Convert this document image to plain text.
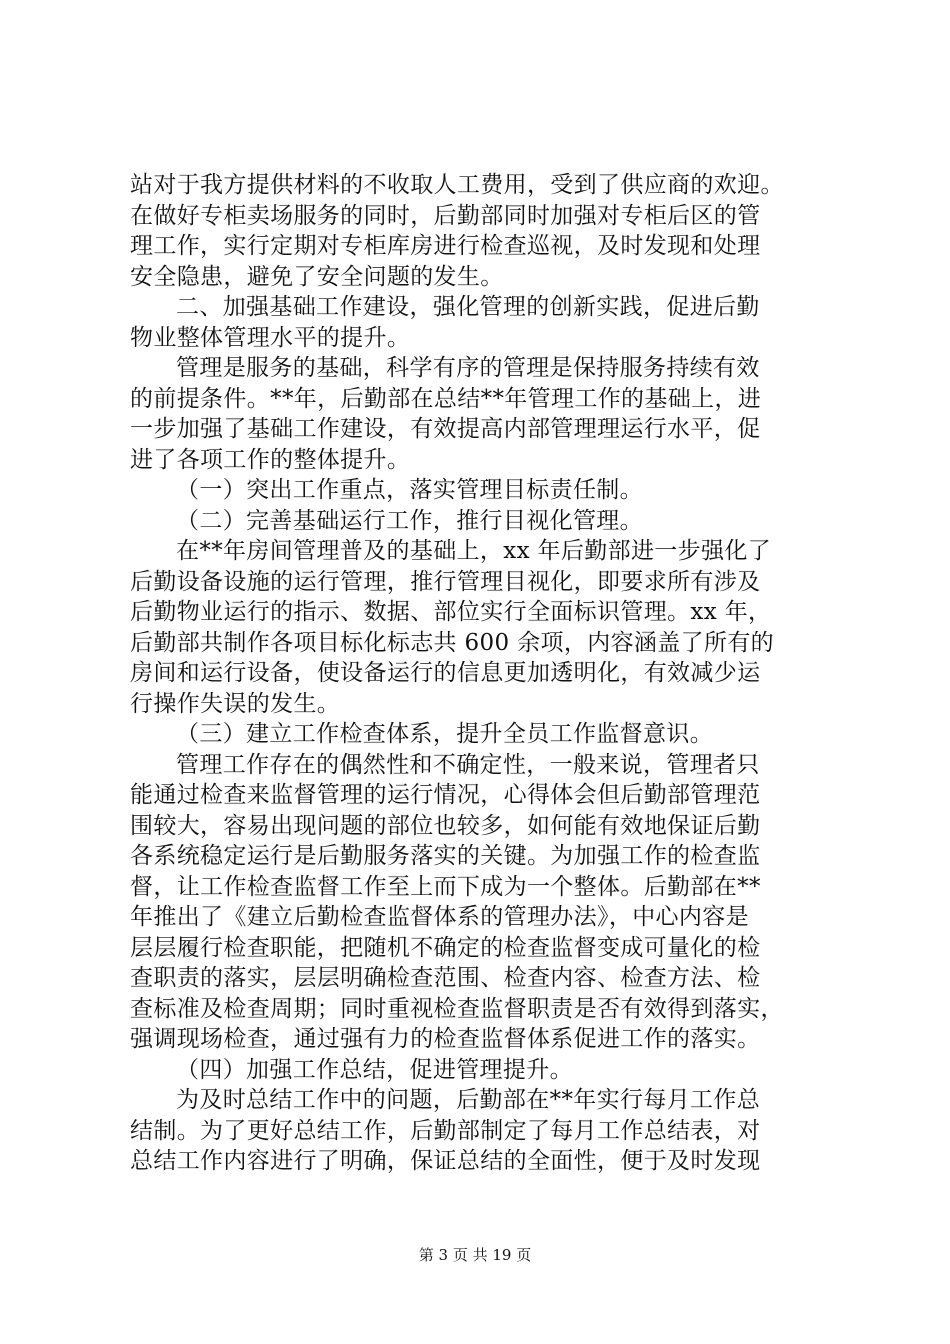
站对于我方提供材料的不收取人工费用，受到了供应商的欢迎。
在做好专柜卖场服务的同时，后勤部同时加强对专柜后区的管
理工作，实行定期对专柜库房进行检查巡视，及时发现和处理
安全隐患，避免了安全问题的发生。
二、加强基础工作建设，强化管理的创新实践，促进后勤
物业整体管理水平的提升。
管理是服务的基础，科学有序的管理是保持服务持续有效
的前提条件。**年，后勤部在总结**年管理工作的基础上，进
一步加强了基础工作建设，有效提高内部管理理运行水平，促
进了各项工作的整体提升。
（一）突出工作重点，落实管理目标责任制。
（二）完善基础运行工作，推行目视化管理。
在**年房间管理普及的基础上，xx 年后勤部进一步强化了
后勤设备设施的运行管理，推行管理目视化，即要求所有涉及
后勤物业运行的指示、数据、部位实行全面标识管理。xx 年，
后勤部共制作各项目标化标志共 600 余项，内容涵盖了所有的
房间和运行设备，使设备运行的信息更加透明化，有效减少运
行操作失误的发生。
（三）建立工作检查体系，提升全员工作监督意识。
管理工作存在的偶然性和不确定性，一般来说，管理者只
能通过检查来监督管理的运行情况，心得体会但后勤部管理范
围较大，容易出现问题的部位也较多，如何能有效地保证后勤
各系统稳定运行是后勤服务落实的关键。为加强工作的检查监
督，让工作检查监督工作至上而下成为一个整体。后勤部在**
年推出了《建立后勤检查监督体系的管理办法》，中心内容是
层层履行检查职能，把随机不确定的检查监督变成可量化的检
查职责的落实，层层明确检查范围、检查内容、检查方法、检
查标准及检查周期；同时重视检查监督职责是否有效得到落实，
强调现场检查，通过强有力的检查监督体系促进工作的落实。
（四）加强工作总结，促进管理提升。
为及时总结工作中的问题，后勤部在**年实行每月工作总
结制。为了更好总结工作，后勤部制定了每月工作总结表，对
总结工作内容进行了明确，保证总结的全面性，便于及时发现
第 3 页 共 19 页
